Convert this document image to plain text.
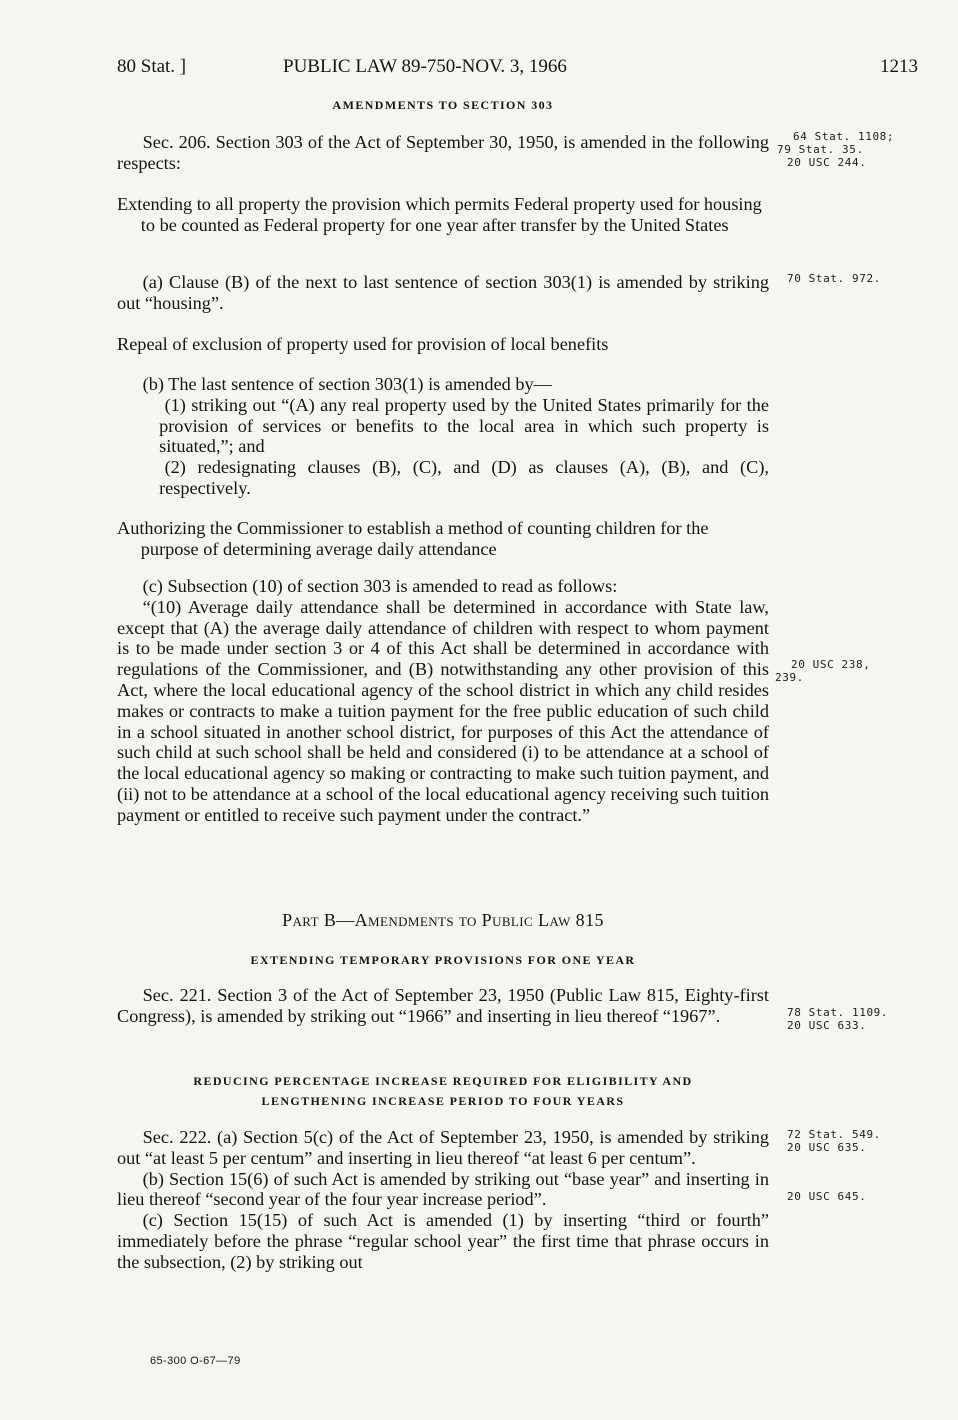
80 Stat. ]	PUBLIC LAW 89-750-NOV. 3, 1966	1213
AMENDMENTS TO SECTION 303

Sec. 206. Section 303 of the Act of September 30, 1950, is amended in the following respects:

Extending to all property the provision which permits Federal property used for housing to be counted as Federal property for one year after transfer by the United States

(a) Clause (B) of the next to last sentence of section 303(1) is amended by striking out “housing”.

Repeal of exclusion of property used for provision of local benefits

(b) The last sentence of section 303(1) is amended by—

(1) striking out “(A) any real property used by the United States primarily for the provision of services or benefits to the local area in which such property is situated,”; and

(2) redesignating clauses (B), (C), and (D) as clauses (A), (B), and (C), respectively.

Authorizing the Commissioner to establish a method of counting children for the purpose of determining average daily attendance

(c) Subsection (10) of section 303 is amended to read as follows:

“(10) Average daily attendance shall be determined in accordance with State law, except that (A) the average daily attendance of children with respect to whom payment is to be made under section 3 or 4 of this Act shall be determined in accordance with regulations of the Commissioner, and (B) notwithstanding any other provision of this Act, where the local educational agency of the school district in which any child resides makes or contracts to make a tuition payment for the free public education of such child in a school situated in another school district, for purposes of this Act the attendance of such child at such school shall be held and considered (i) to be attendance at a school of the local educational agency so making or contracting to make such tuition payment, and (ii) not to be attendance at a school of the local educational agency receiving such tuition payment or entitled to receive such payment under the contract.”

Part B—Amendments to Public Law 815
EXTENDING TEMPORARY PROVISIONS FOR ONE YEAR

Sec. 221. Section 3 of the Act of September 23, 1950 (Public Law 815, Eighty-first Congress), is amended by striking out “1966” and inserting in lieu thereof “1967”.

REDUCING PERCENTAGE INCREASE REQUIRED FOR ELIGIBILITY AND
LENGTHENING INCREASE PERIOD TO FOUR YEARS

Sec. 222. (a) Section 5(c) of the Act of September 23, 1950, is amended by striking out “at least 5 per centum” and inserting in lieu thereof “at least 6 per centum”.

(b) Section 15(6) of such Act is amended by striking out “base year” and inserting in lieu thereof “second year of the four year increase period”.

(c) Section 15(15) of such Act is amended (1) by inserting “third or fourth” immediately before the phrase “regular school year” the first time that phrase occurs in the subsection, (2) by striking out

64 Stat. 1108;
79 Stat. 35.
20 USC 244.
70 Stat. 972.
20 USC 238,
239.
78 Stat. 1109.
20 USC 633.
72 Stat. 549.
20 USC 635.
20 USC 645.
65-300 O-67—79
